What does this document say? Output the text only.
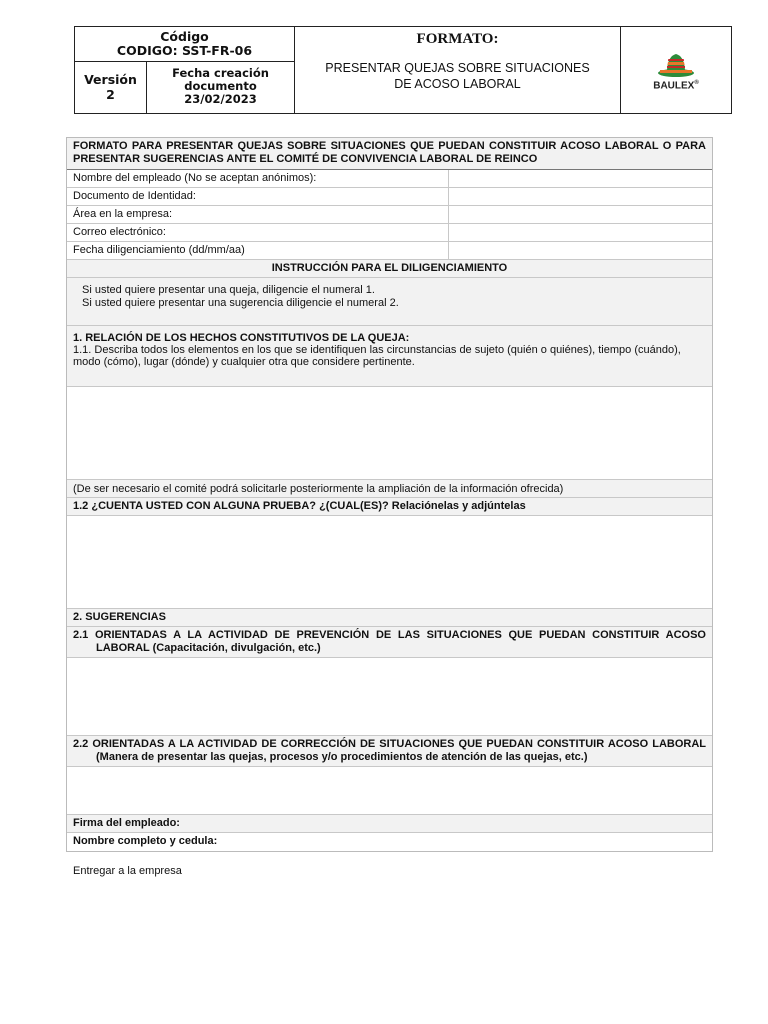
Código
CODIGO: SST-FR-06
Versión
2
Fecha creación
documento
23/02/2023
FORMATO:
PRESENTAR QUEJAS SOBRE SITUACIONES
DE ACOSO LABORAL	BAULEX®
FORMATO PARA PRESENTAR QUEJAS SOBRE SITUACIONES QUE PUEDAN CONSTITUIR ACOSO LABORAL O PARA PRESENTAR SUGERENCIAS ANTE EL COMITÉ DE CONVIVENCIA LABORAL DE REINCO
Nombre del empleado (No se aceptan anónimos):
Documento de Identidad:
Área en la empresa:
Correo electrónico:
Fecha diligenciamiento (dd/mm/aa)
INSTRUCCIÓN PARA EL DILIGENCIAMIENTO
Si usted quiere presentar una queja, diligencie el numeral 1.
Si usted quiere presentar una sugerencia diligencie el numeral 2.
1. RELACIÓN DE LOS HECHOS CONSTITUTIVOS DE LA QUEJA:
1.1. Describa todos los elementos en los que se identifiquen las circunstancias de sujeto (quién o quiénes), tiempo (cuándo), modo (cómo), lugar (dónde) y cualquier otra que considere pertinente.
(De ser necesario el comité podrá solicitarle posteriormente la ampliación de la información ofrecida)
1.2 ¿CUENTA USTED CON ALGUNA PRUEBA? ¿(CUAL(ES)? Relaciónelas y adjúntelas
2. SUGERENCIAS
2.1 ORIENTADAS A LA ACTIVIDAD DE PREVENCIÓN DE LAS SITUACIONES QUE PUEDAN CONSTITUIR ACOSO LABORAL (Capacitación, divulgación, etc.)
2.2 ORIENTADAS A LA ACTIVIDAD DE CORRECCIÓN DE SITUACIONES QUE PUEDAN CONSTITUIR ACOSO LABORAL (Manera de presentar las quejas, procesos y/o procedimientos de atención de las quejas, etc.)
Firma del empleado:
Nombre completo y cedula:
Entregar a la empresa
